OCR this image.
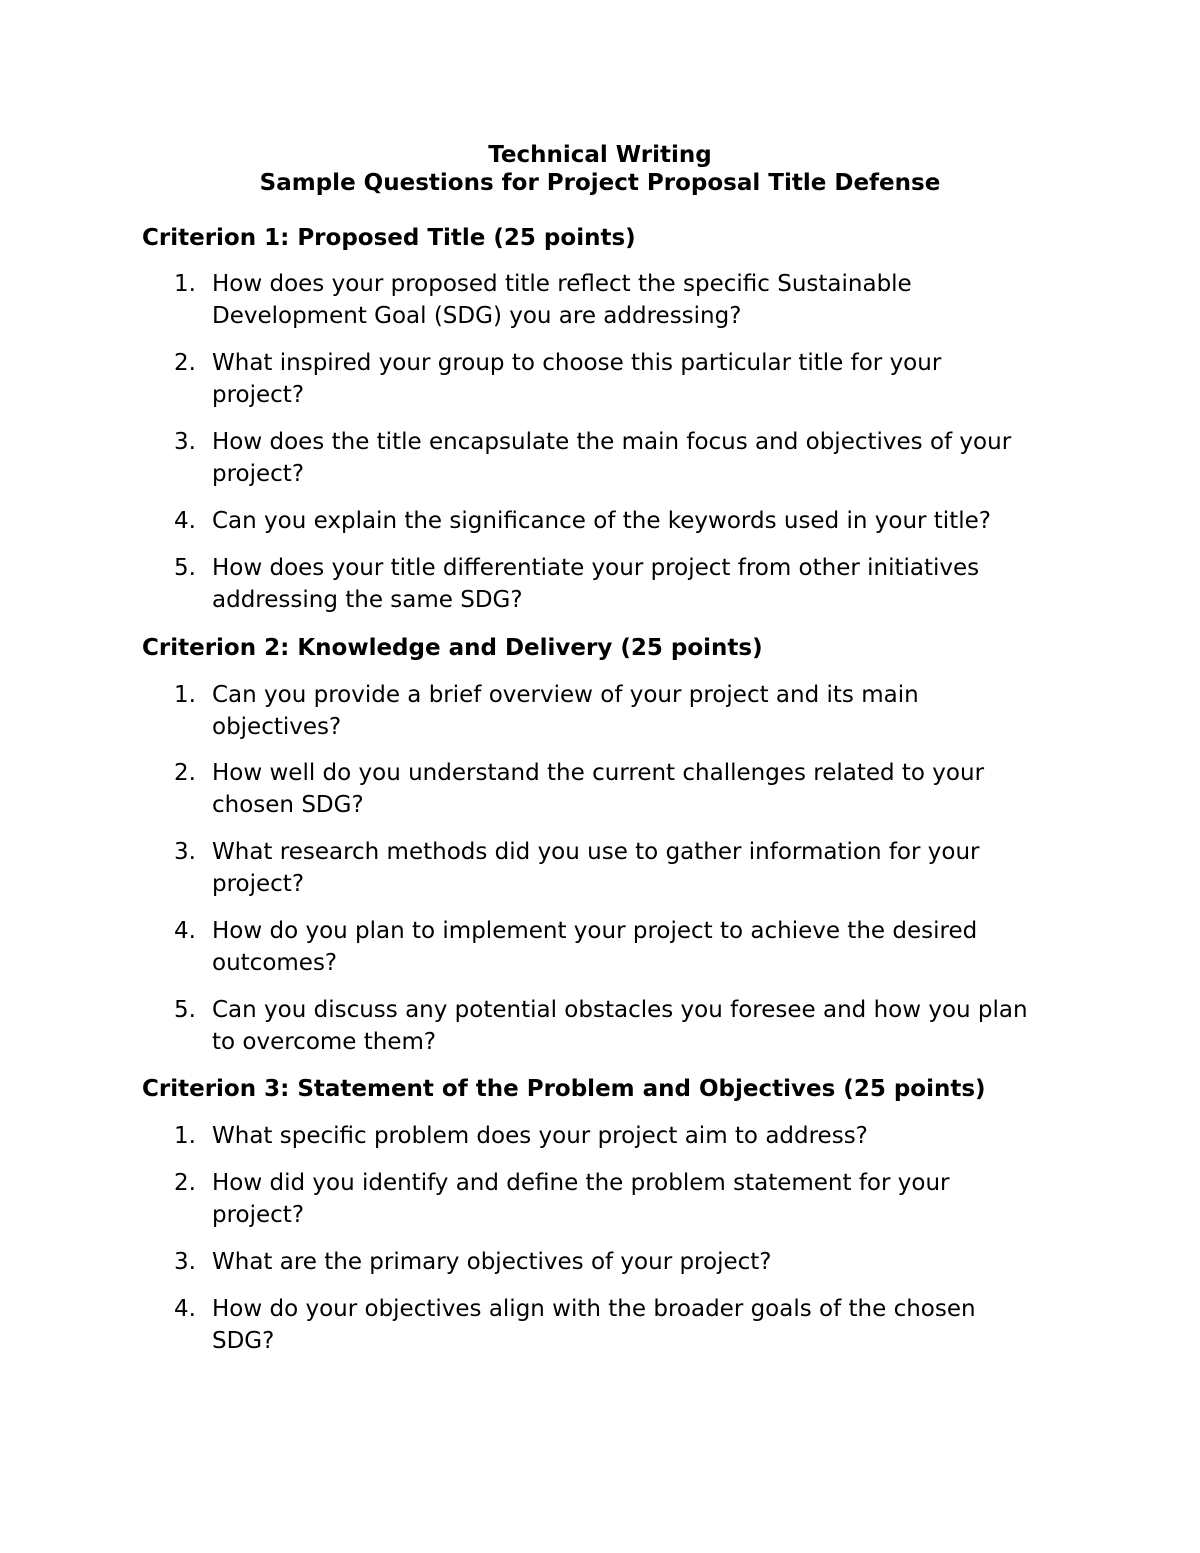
Technical Writing
Sample Questions for Project Proposal Title Defense
Criterion 1: Proposed Title (25 points)
1. How does your proposed title reflect the specific Sustainable
Development Goal (SDG) you are addressing?
2. What inspired your group to choose this particular title for your
project?
3. How does the title encapsulate the main focus and objectives of your
project?
4. Can you explain the significance of the keywords used in your title?
5. How does your title differentiate your project from other initiatives
addressing the same SDG?
Criterion 2: Knowledge and Delivery (25 points)
1. Can you provide a brief overview of your project and its main
objectives?
2. How well do you understand the current challenges related to your
chosen SDG?
3. What research methods did you use to gather information for your
project?
4. How do you plan to implement your project to achieve the desired
outcomes?
5. Can you discuss any potential obstacles you foresee and how you plan
to overcome them?
Criterion 3: Statement of the Problem and Objectives (25 points)
1. What specific problem does your project aim to address?
2. How did you identify and define the problem statement for your
project?
3. What are the primary objectives of your project?
4. How do your objectives align with the broader goals of the chosen
SDG?
